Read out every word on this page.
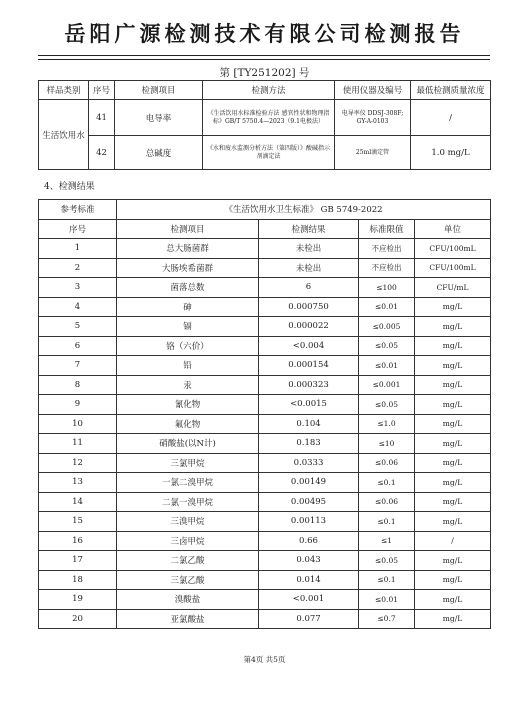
岳阳广源检测技术有限公司检测报告
第 [TY251202] 号
样品类别	序号	检测项目	检测方法	使用仪器及编号	最低检测质量浓度
生活饮用水	41	电导率	《生活饮用水标准检验方法 感官性状和物理指标》GB/T 5750.4—2023（9.1电极法）	电导率仪 DDSJ-308F; GY-A-0103	/
	42	总碱度	《水和废水监测分析方法（第四版）》酸碱指示剂滴定法	25ml滴定管	1.0 mg/L
4、检测结果
参考标准	《生活饮用水卫生标准》 GB 5749-2022			
序号	检测项目	检测结果	标准限值	单位
1	总大肠菌群	未检出	不应检出	CFU/100mL
2	大肠埃希菌群	未检出	不应检出	CFU/100mL
3	菌落总数	6	≤100	CFU/mL
4	砷	0.000750	≤0.01	mg/L
5	镉	0.000022	≤0.005	mg/L
6	铬（六价）	<0.004	≤0.05	mg/L
7	铅	0.000154	≤0.01	mg/L
8	汞	0.000323	≤0.001	mg/L
9	氰化物	<0.0015	≤0.05	mg/L
10	氟化物	0.104	≤1.0	mg/L
11	硝酸盐(以N计)	0.183	≤10	mg/L
12	三氯甲烷	0.0333	≤0.06	mg/L
13	一氯二溴甲烷	0.00149	≤0.1	mg/L
14	二氯一溴甲烷	0.00495	≤0.06	mg/L
15	三溴甲烷	0.00113	≤0.1	mg/L
16	三卤甲烷	0.66	≤1	/
17	二氯乙酸	0.043	≤0.05	mg/L
18	三氯乙酸	0.014	≤0.1	mg/L
19	溴酸盐	<0.001	≤0.01	mg/L
20	亚氯酸盐	0.077	≤0.7	mg/L
第4页 共5页
